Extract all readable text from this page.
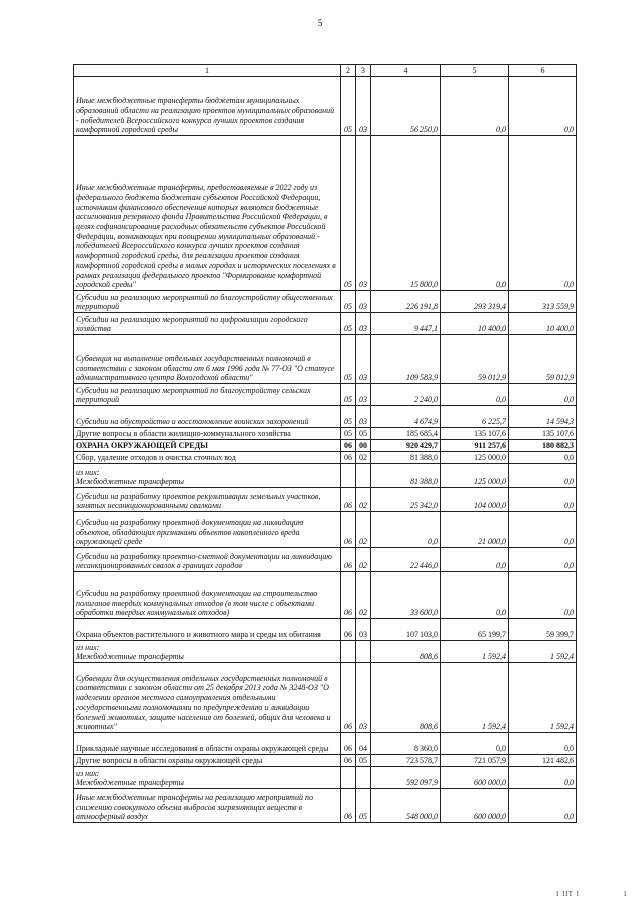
5
1	2	3	4	5	6
Иные межбюджетные трансферты бюджетам муниципальных образований области на реализацию проектов муниципальных образований - победителей Всероссийского конкурса лучших проектов создания комфортной городской среды	05	03	56 250,0	0,0	0,0
Иные межбюджетные трансферты, предоставляемые в 2022 году из федерального бюджета бюджетам субъектов Российской Федерации, источником финансового обеспечения которых являются бюджетные ассигнования резервного фонда Правительства Российской Федерации, в целях софинансирования расходных обязательств субъектов Российской Федерации, возникающих при поощрении муниципальных образований - победителей Всероссийского конкурса лучших проектов создания комфортной городской среды, для реализации проектов создания комфортной городской среды в малых городах и исторических поселениях в рамках реализации федерального проекта "Формирование комфортной городской среды"	05	03	15 800,0	0,0	0,0
Субсидии на реализацию мероприятий по благоустройству общественных территорий	05	03	226 191,8	293 319,4	313 559,9
Субсидии на реализацию мероприятий по цифровизации городского хозяйства	05	03	9 447,1	10 400,0	10 400,0
Субвенция на выполнение отдельных государственных полномочий в соответствии с законом области от 6 мая 1996 года № 77-ОЗ "О статусе административного центра Вологодской области"	05	03	109 583,9	59 012,9	59 012,9
Субсидии на реализацию мероприятий по благоустройству сельских территорий	05	03	2 240,0	0,0	0,0
Субсидии на обустройство и восстановление воинских захоронений	05	03	4 674,9	6 225,7	14 594,3
Другие вопросы в области жилищно-коммунального хозяйства	05	05	185 685,4	135 107,6	135 107,6
ОХРАНА ОКРУЖАЮЩЕЙ СРЕДЫ	06	00	920 429,7	911 257,6	180 882,3
Сбор, удаление отходов и очистка сточных вод	06	02	81 388,0	125 000,0	0,0
из них:
Межбюджетные трансферты			81 388,0	125 000,0	0,0
Субсидии на разработку проектов рекультивации земельных участков, занятых несанкционированными свалками	06	02	25 342,0	104 000,0	0,0
Субсидии на разработку проектной документации на ликвидацию объектов, обладающих признаками объектов накопленного вреда окружающей среде	06	02	0,0	21 000,0	0,0
Субсидии на разработку проектно-сметной документации на ликвидацию несанкционированных свалок в границах городов	06	02	22 446,0	0,0	0,0
Субсидии на разработку проектной документации на строительство полигонов твердых коммунальных отходов (в том числе с объектами обработки твердых коммунальных отходов)	06	02	33 600,0	0,0	0,0
Охрана объектов растительного и животного мира и среды их обитания	06	03	107 103,0	65 199,7	59 399,7
из них:
Межбюджетные трансферты			808,6	1 592,4	1 592,4
Субвенции для осуществления отдельных государственных полномочий в соответствии с законом области от 25 декабря 2013 года № 3248-ОЗ "О наделении органов местного самоуправления отдельными государственными полномочиями по предупреждению и ликвидации болезней животных, защите населения от болезней, общих для человека и животных"	06	03	808,6	1 592,4	1 592,4
Прикладные научные исследования в области охраны окружающей среды	06	04	8 360,0	0,0	0,0
Другие вопросы в области охраны окружающей среды	06	05	723 578,7	721 057,9	121 482,6
из них:
Межбюджетные трансферты			592 097,9	600 000,0	0,0
Иные межбюджетные трансферты на реализацию мероприятий по снижению совокупного объема выбросов загрязняющих веществ в атмосферный воздух	06	05	548 000,0	600 000,0	0,0
I IIT I	I
